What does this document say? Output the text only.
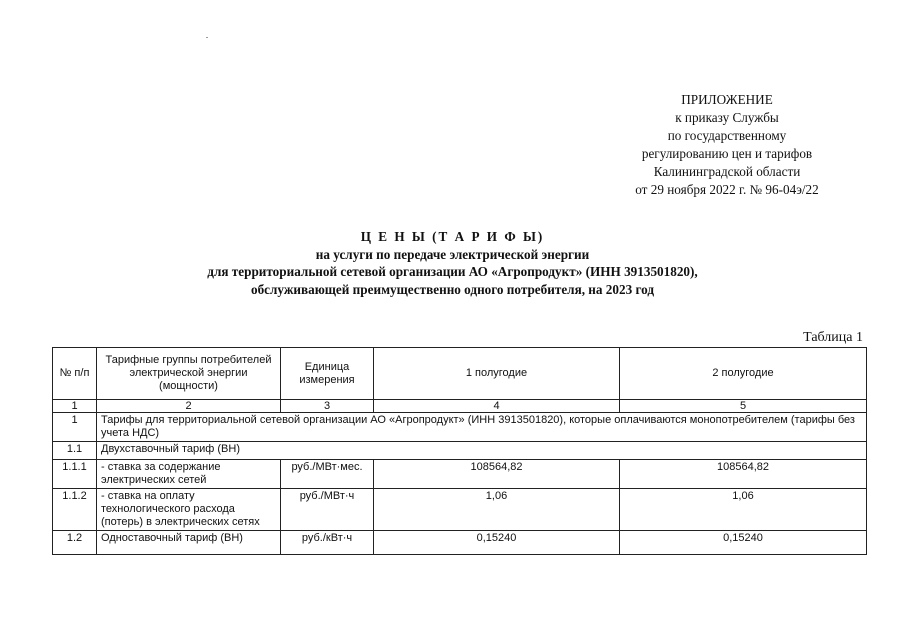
ПРИЛОЖЕНИЕ
к приказу Службы
по государственному
регулированию цен и тарифов
Калининградской области
от 29 ноября 2022 г. № 96-04э/22
Ц Е Н Ы (Т А Р И Ф Ы)
на услуги по передаче электрической энергии
для территориальной сетевой организации АО «Агропродукт» (ИНН 3913501820),
обслуживающей преимущественно одного потребителя, на 2023 год
Таблица 1
№ п/п	Тарифные группы потребителей электрической энергии (мощности)	Единица измерения	1 полугодие	2 полугодие
1	2	3	4	5
1	Тарифы для территориальной сетевой организации АО «Агропродукт» (ИНН 3913501820), которые оплачиваются монопотребителем (тарифы без учета НДС)			
1.1	Двухставочный тариф (ВН)			
1.1.1	- ставка за содержание электрических сетей	руб./МВт·мес.	108564,82	108564,82
1.1.2	- ставка на оплату технологического расхода (потерь) в электрических сетях	руб./МВт·ч	1,06	1,06
1.2	Одноставочный тариф (ВН)	руб./кВт·ч	0,15240	0,15240
